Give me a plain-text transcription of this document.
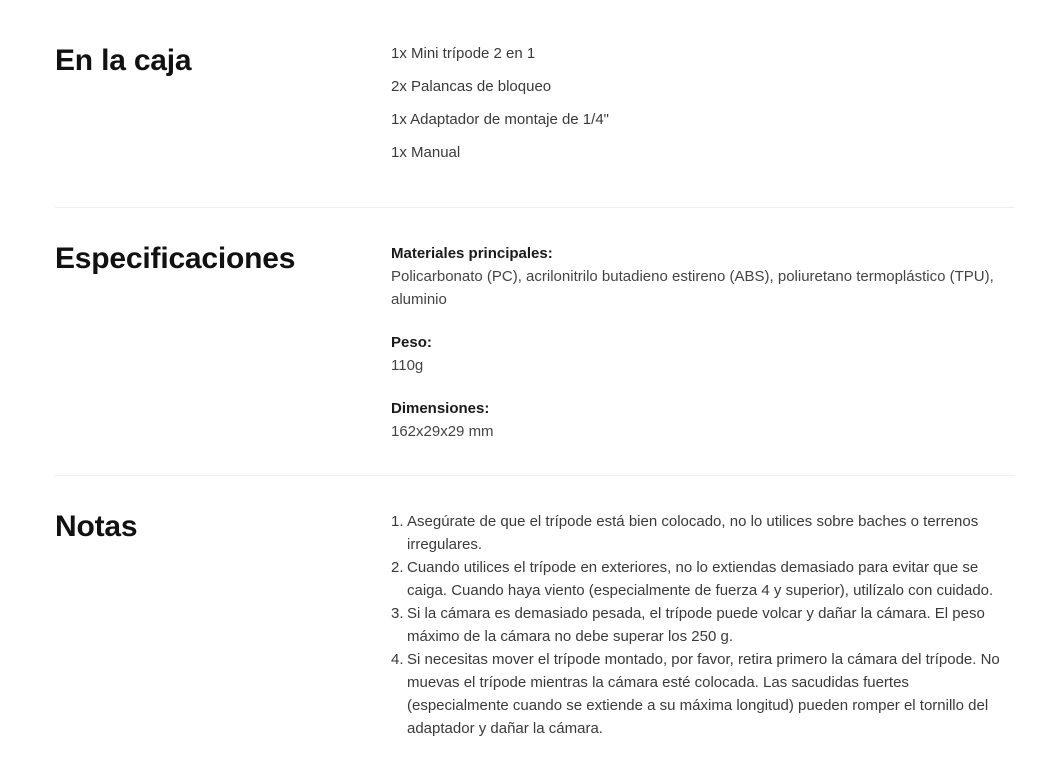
En la caja	1x Mini trípode 2 en 1

2x Palancas de bloqueo

1x Adaptador de montaje de 1/4"

1x Manual

Especificaciones	Materiales principales:

Policarbonato (PC), acrilonitrilo butadieno estireno (ABS), poliuretano termoplástico (TPU), aluminio

Peso:

110g

Dimensiones:

162x29x29 mm

Notas	1. Asegúrate de que el trípode está bien colocado, no lo utilices sobre baches o terrenos irregulares.
2. Cuando utilices el trípode en exteriores, no lo extiendas demasiado para evitar que se caiga. Cuando haya viento (especialmente de fuerza 4 y superior), utilízalo con cuidado.
3. Si la cámara es demasiado pesada, el trípode puede volcar y dañar la cámara. El peso máximo de la cámara no debe superar los 250 g.
4. Si necesitas mover el trípode montado, por favor, retira primero la cámara del trípode. No muevas el trípode mientras la cámara esté colocada. Las sacudidas fuertes (especialmente cuando se extiende a su máxima longitud) pueden romper el tornillo del adaptador y dañar la cámara.
